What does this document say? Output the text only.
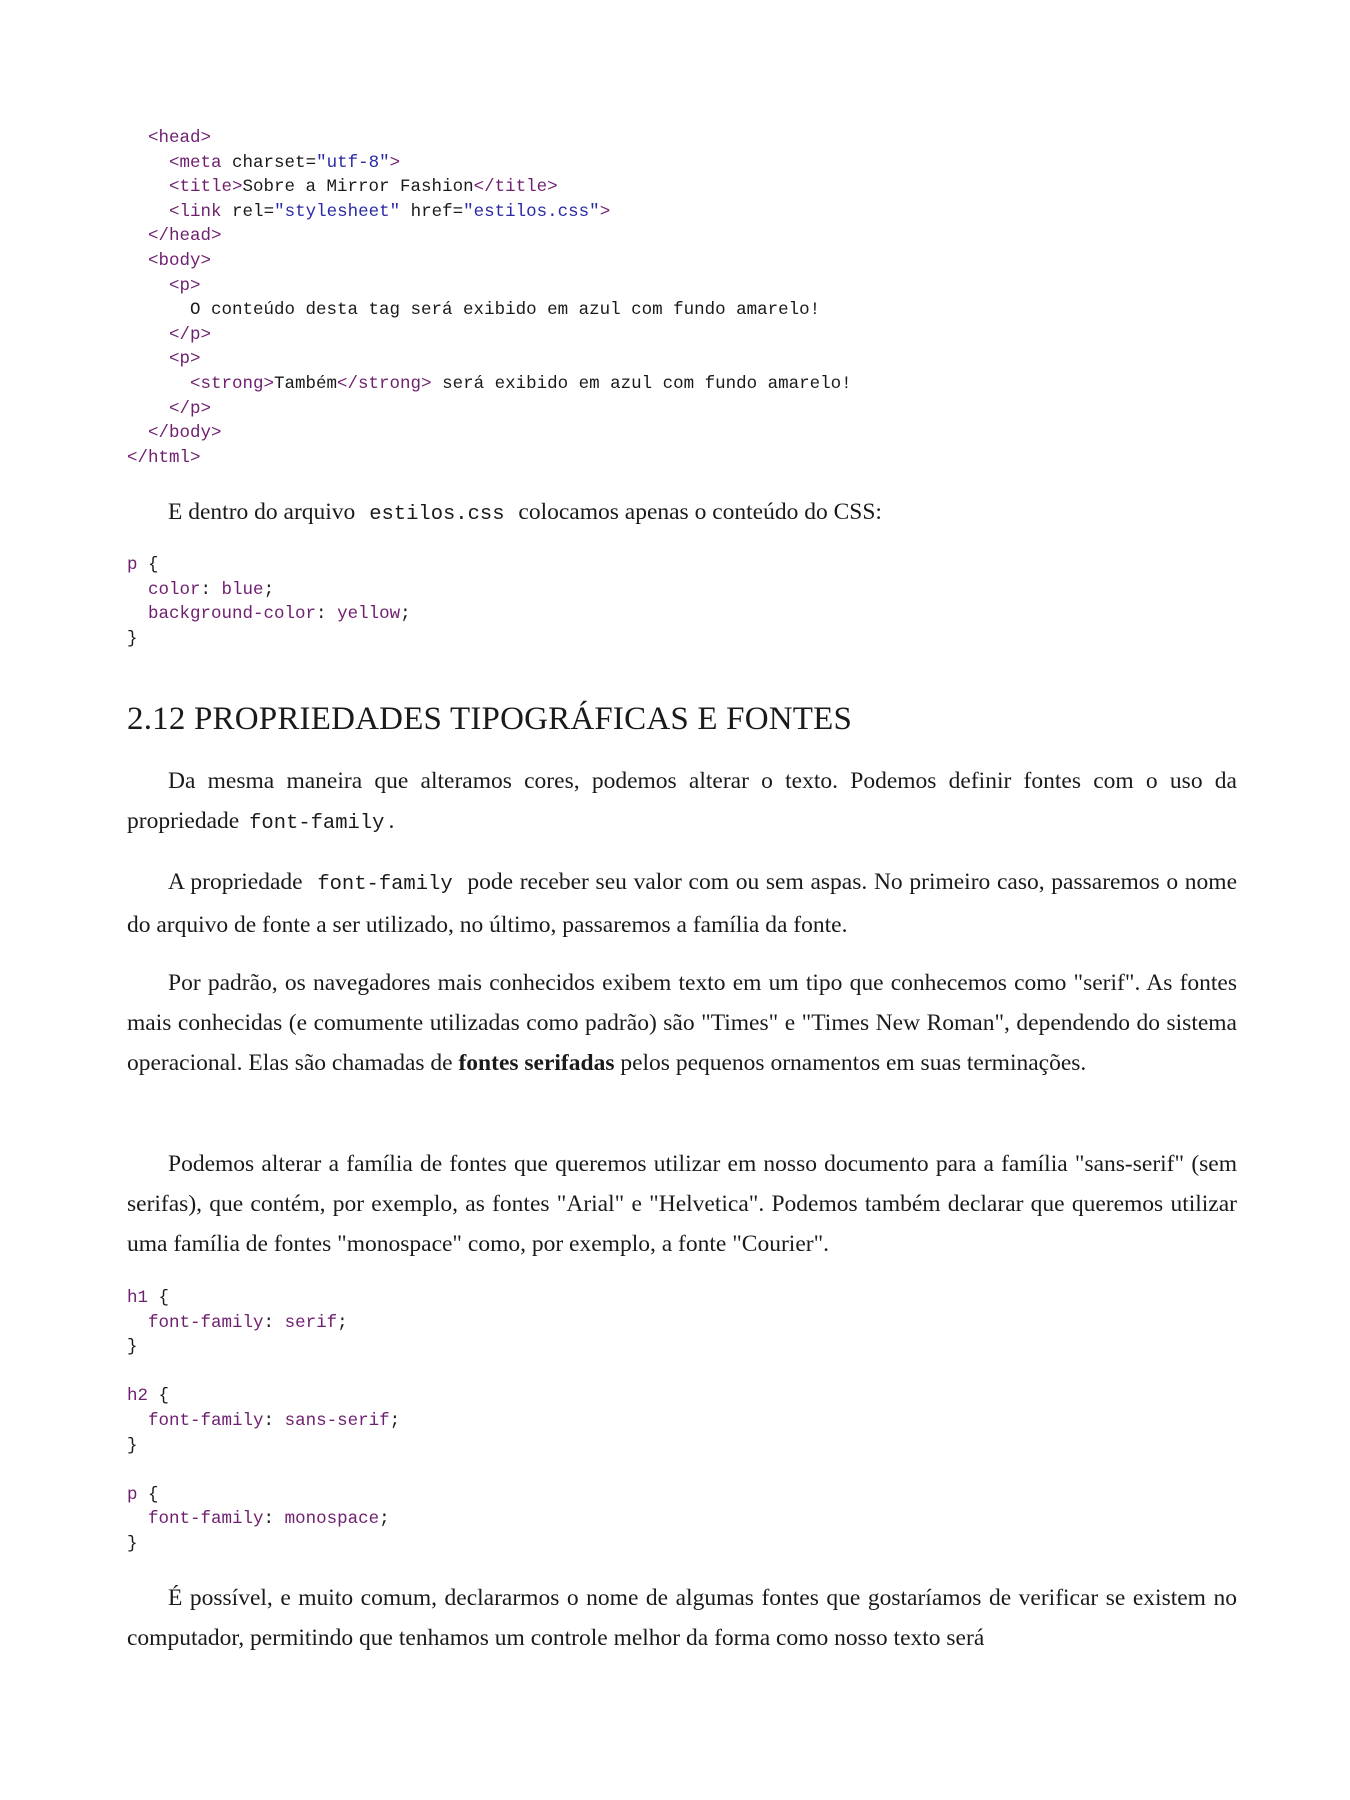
<head>
<meta charset="utf-8">
<title>Sobre a Mirror Fashion</title>
<link rel="stylesheet" href="estilos.css">
</head>
<body>
<p>
O conteúdo desta tag será exibido em azul com fundo amarelo!
</p>
<p>
<strong>Também</strong> será exibido em azul com fundo amarelo!
</p>
</body>
</html>

E dentro do arquivo estilos.css colocamos apenas o conteúdo do CSS:

p {
color: blue;
background-color: yellow;
}
2.12 PROPRIEDADES TIPOGRÁFICAS E FONTES

Da mesma maneira que alteramos cores, podemos alterar o texto. Podemos definir fontes com o uso da propriedade font-family .

A propriedade font-family pode receber seu valor com ou sem aspas. No primeiro caso, passaremos o nome do arquivo de fonte a ser utilizado, no último, passaremos a família da fonte.

Por padrão, os navegadores mais conhecidos exibem texto em um tipo que conhecemos como "serif". As fontes mais conhecidas (e comumente utilizadas como padrão) são "Times" e "Times New Roman", dependendo do sistema operacional. Elas são chamadas de fontes serifadas pelos pequenos ornamentos em suas terminações.

Podemos alterar a família de fontes que queremos utilizar em nosso documento para a família "sans-serif" (sem serifas), que contém, por exemplo, as fontes "Arial" e "Helvetica". Podemos também declarar que queremos utilizar uma família de fontes "monospace" como, por exemplo, a fonte "Courier".

h1 {
font-family: serif;
}

h2 {
font-family: sans-serif;
}

p {
font-family: monospace;
}

É possível, e muito comum, declararmos o nome de algumas fontes que gostaríamos de verificar se existem no computador, permitindo que tenhamos um controle melhor da forma como nosso texto será
